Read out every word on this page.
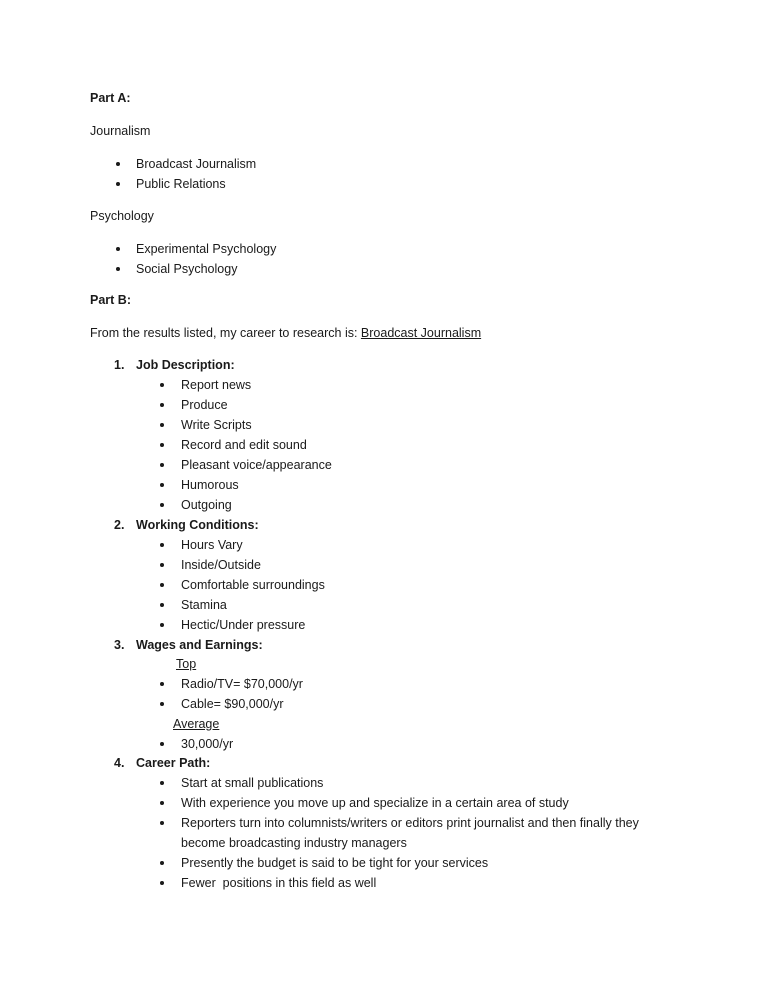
Part A:
Journalism
Broadcast Journalism
Public Relations
Psychology
Experimental Psychology
Social Psychology
Part B:
From the results listed, my career to research is: Broadcast Journalism
1. Job Description:
Report news
Produce
Write Scripts
Record and edit sound
Pleasant voice/appearance
Humorous
Outgoing
2. Working Conditions:
Hours Vary
Inside/Outside
Comfortable surroundings
Stamina
Hectic/Under pressure
3. Wages and Earnings:
Top
Radio/TV= $70,000/yr
Cable= $90,000/yr
Average
30,000/yr
4. Career Path:
Start at small publications
With experience you move up and specialize in a certain area of study
Reporters turn into columnists/writers or editors print journalist and then finally they
become broadcasting industry managers
Presently the budget is said to be tight for your services
Fewer  positions in this field as well
